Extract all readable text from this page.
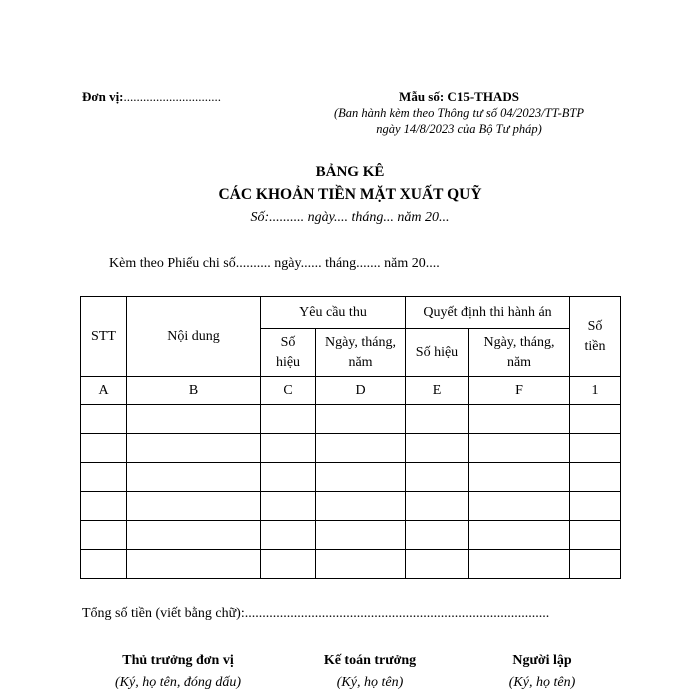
Đơn vị:..............................	Mẫu số: C15-THADS
(Ban hành kèm theo Thông tư số 04/2023/TT-BTP
ngày 14/8/2023 của Bộ Tư pháp)
BẢNG KÊ
CÁC KHOẢN TIỀN MẶT XUẤT QUỸ
Số:.......... ngày.... tháng... năm 20...
Kèm theo Phiếu chi số.......... ngày...... tháng....... năm 20....
STT	Nội dung	Yêu cầu thu		Quyết định thi hành án		Số tiền
		Số hiệu	Ngày, tháng, năm	Số hiệu	Ngày, tháng, năm	
A	B	C	D	E	F	1

Tổng số tiền (viết bằng chữ):.......................................................................................
Thủ trưởng đơn vị
(Ký, họ tên, đóng dấu)
Kế toán trưởng
(Ký, họ tên)
Người lập
(Ký, họ tên)
